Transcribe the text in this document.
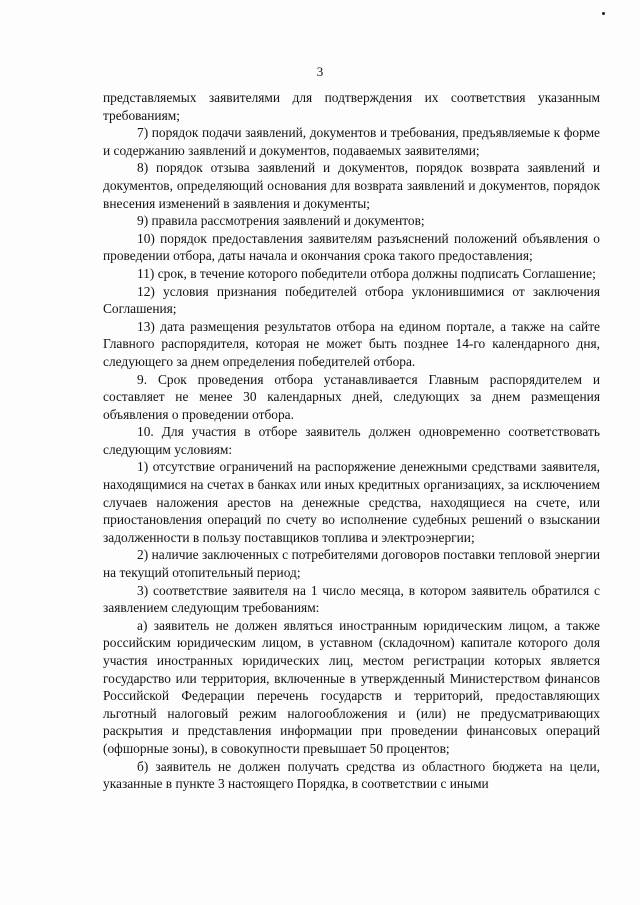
3

представляемых заявителями для подтверждения их соответствия указанным требованиям;

7) порядок подачи заявлений, документов и требования, предъявляемые к форме и содержанию заявлений и документов, подаваемых заявителями;

8) порядок отзыва заявлений и документов, порядок возврата заявлений и документов, определяющий основания для возврата заявлений и документов, порядок внесения изменений в заявления и документы;

9) правила рассмотрения заявлений и документов;

10) порядок предоставления заявителям разъяснений положений объявления о проведении отбора, даты начала и окончания срока такого предоставления;

11) срок, в течение которого победители отбора должны подписать Соглашение;

12) условия признания победителей отбора уклонившимися от заключения Соглашения;

13) дата размещения результатов отбора на едином портале, а также на сайте Главного распорядителя, которая не может быть позднее 14-го календарного дня, следующего за днем определения победителей отбора.

9. Срок проведения отбора устанавливается Главным распорядителем и составляет не менее 30 календарных дней, следующих за днем размещения объявления о проведении отбора.

10. Для участия в отборе заявитель должен одновременно соответствовать следующим условиям:

1) отсутствие ограничений на распоряжение денежными средствами заявителя, находящимися на счетах в банках или иных кредитных организациях, за исключением случаев наложения арестов на денежные средства, находящиеся на счете, или приостановления операций по счету во исполнение судебных решений о взыскании задолженности в пользу поставщиков топлива и электроэнергии;

2) наличие заключенных с потребителями договоров поставки тепловой энергии на текущий отопительный период;

3) соответствие заявителя на 1 число месяца, в котором заявитель обратился с заявлением следующим требованиям:

а) заявитель не должен являться иностранным юридическим лицом, а также российским юридическим лицом, в уставном (складочном) капитале которого доля участия иностранных юридических лиц, местом регистрации которых является государство или территория, включенные в утвержденный Министерством финансов Российской Федерации перечень государств и территорий, предоставляющих льготный налоговый режим налогообложения и (или) не предусматривающих раскрытия и представления информации при проведении финансовых операций (офшорные зоны), в совокупности превышает 50 процентов;

б) заявитель не должен получать средства из областного бюджета на цели, указанные в пункте 3 настоящего Порядка, в соответствии с иными
